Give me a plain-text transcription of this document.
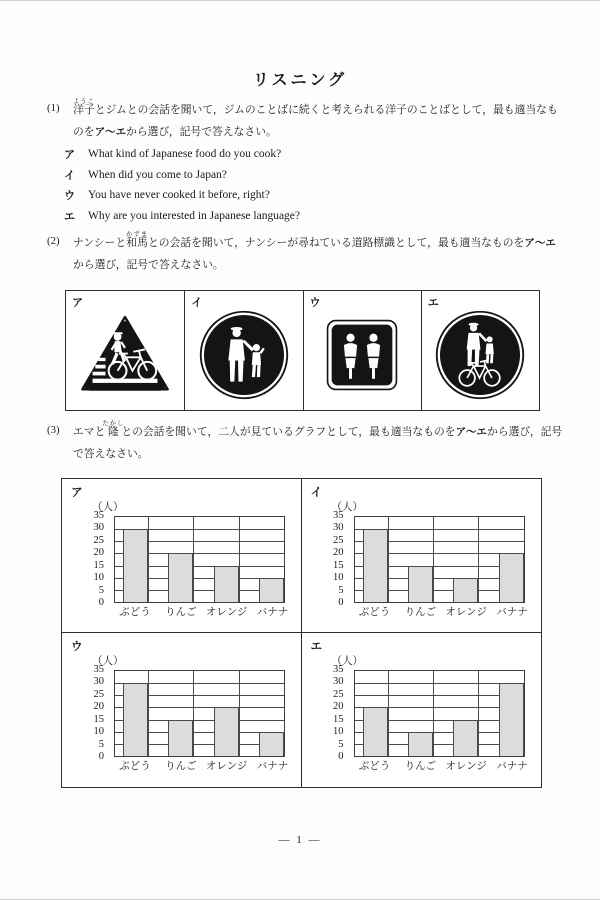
リスニング
(1) 洋子ようことジムとの会話を聞いて，ジムのことばに続くと考えられる洋子のことばとして，最も適当なも
のをア～エから選び，記号で答えなさい。
ア	What kind of Japanese food do you cook?
イ	When did you come to Japan?
ウ	You have never cooked it before, right?
エ	Why are you interested in Japanese language?
(2) ナンシーと和馬かずまとの会話を聞いて，ナンシーが尋ねている道路標識として，最も適当なものをア～エ
から選び，記号で答えなさい。
ア	イ	ウ	エ
(3) エマと隆たかしとの会話を聞いて，二人が見ているグラフとして，最も適当なものをア～エから選び，記号
で答えなさい。
ア
（人）
35
30
25
20
15
10
5
0
ぶどう りんご オレンジ バナナ
イ
（人）
35
30
25
20
15
10
5
0
ぶどう りんご オレンジ バナナ
ウ
（人）
35
30
25
20
15
10
5
0
ぶどう りんご オレンジ バナナ
エ
（人）
35
30
25
20
15
10
5
0
ぶどう りんご オレンジ バナナ
— 1 —
